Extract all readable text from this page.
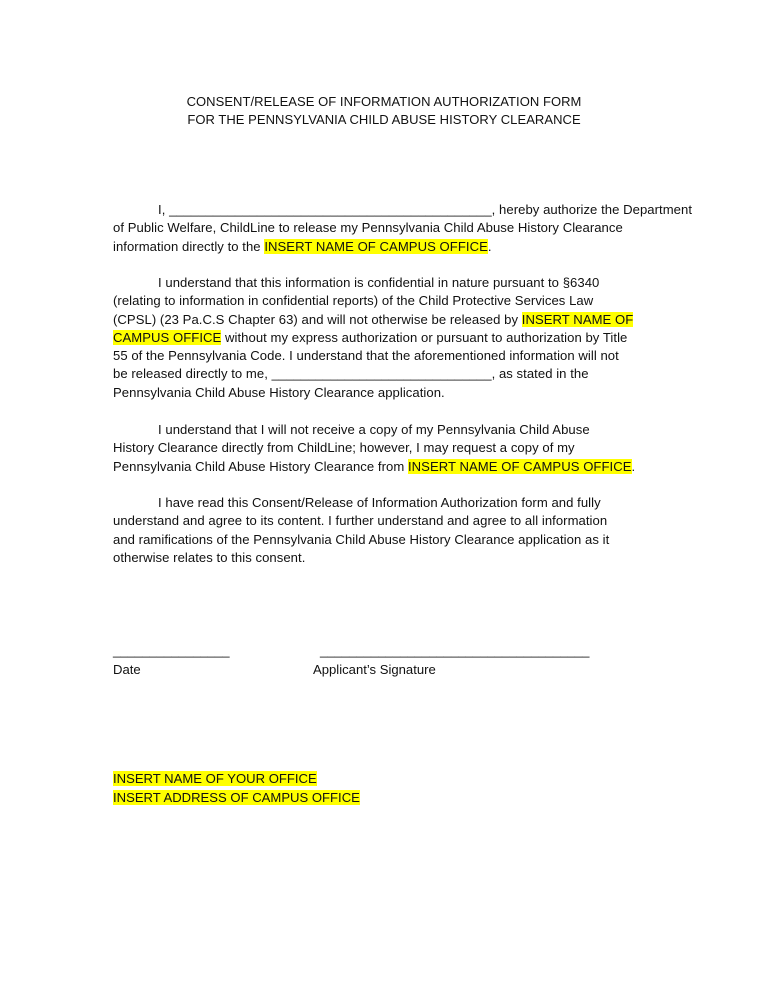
CONSENT/RELEASE OF INFORMATION AUTHORIZATION FORM
FOR THE PENNSYLVANIA CHILD ABUSE HISTORY CLEARANCE
I, ____________________________________________, hereby authorize the Department
of Public Welfare, ChildLine to release my Pennsylvania Child Abuse History Clearance
information directly to the INSERT NAME OF CAMPUS OFFICE.
I understand that this information is confidential in nature pursuant to §6340
(relating to information in confidential reports) of the Child Protective Services Law
(CPSL) (23 Pa.C.S Chapter 63) and will not otherwise be released by INSERT NAME OF
CAMPUS OFFICE without my express authorization or pursuant to authorization by Title
55 of the Pennsylvania Code. I understand that the aforementioned information will not
be released directly to me, ______________________________, as stated in the
Pennsylvania Child Abuse History Clearance application.
I understand that I will not receive a copy of my Pennsylvania Child Abuse
History Clearance directly from ChildLine; however, I may request a copy of my
Pennsylvania Child Abuse History Clearance from INSERT NAME OF CAMPUS OFFICE.
I have read this Consent/Release of Information Authorization form and fully
understand and agree to its content. I further understand and agree to all information
and ramifications of the Pennsylvania Child Abuse History Clearance application as it
otherwise relates to this consent.
________________
Date
_____________________________________
Applicant’s Signature
INSERT NAME OF YOUR OFFICE
INSERT ADDRESS OF CAMPUS OFFICE
